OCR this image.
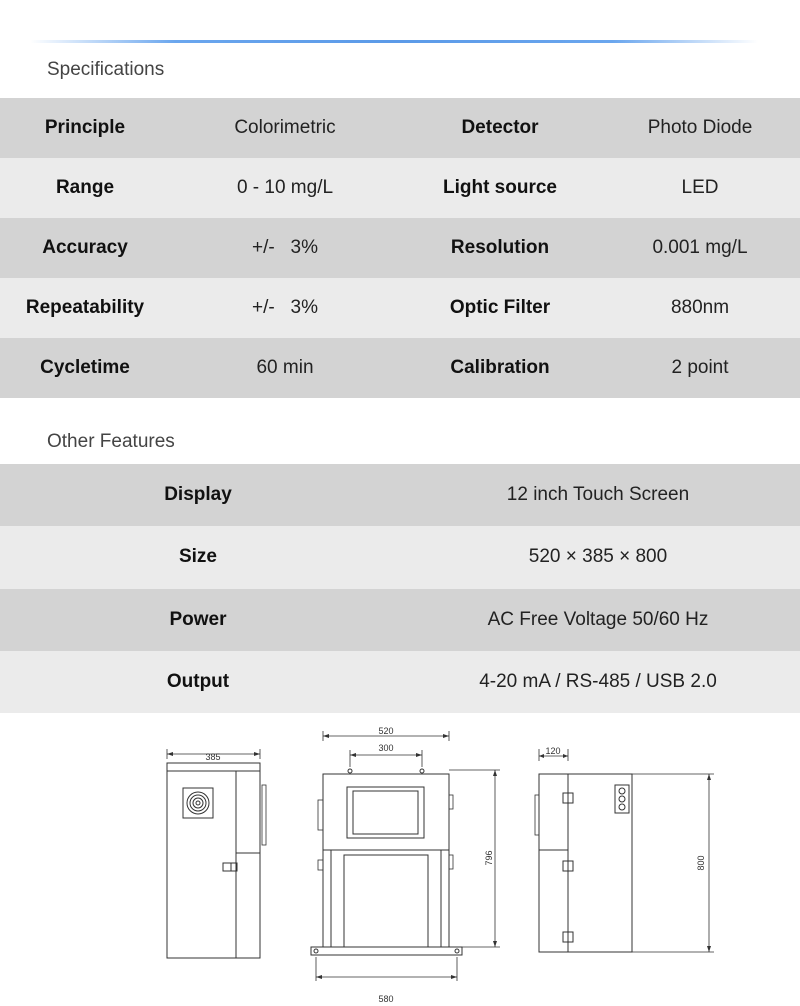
Specifications
Principle	Colorimetric	Detector	Photo Diode
Range	0 - 10 mg/L	Light source	LED
Accuracy	+/-   3%	Resolution	0.001 mg/L
Repeatability	+/-   3%	Optic Filter	880nm
Cycletime	60 min	Calibration	2 point
Other Features
Display	12 inch Touch Screen
Size	520 × 385 × 800
Power	AC Free Voltage 50/60 Hz
Output	4-20 mA / RS-485 / USB 2.0
385
520
300
580
796
120
800
